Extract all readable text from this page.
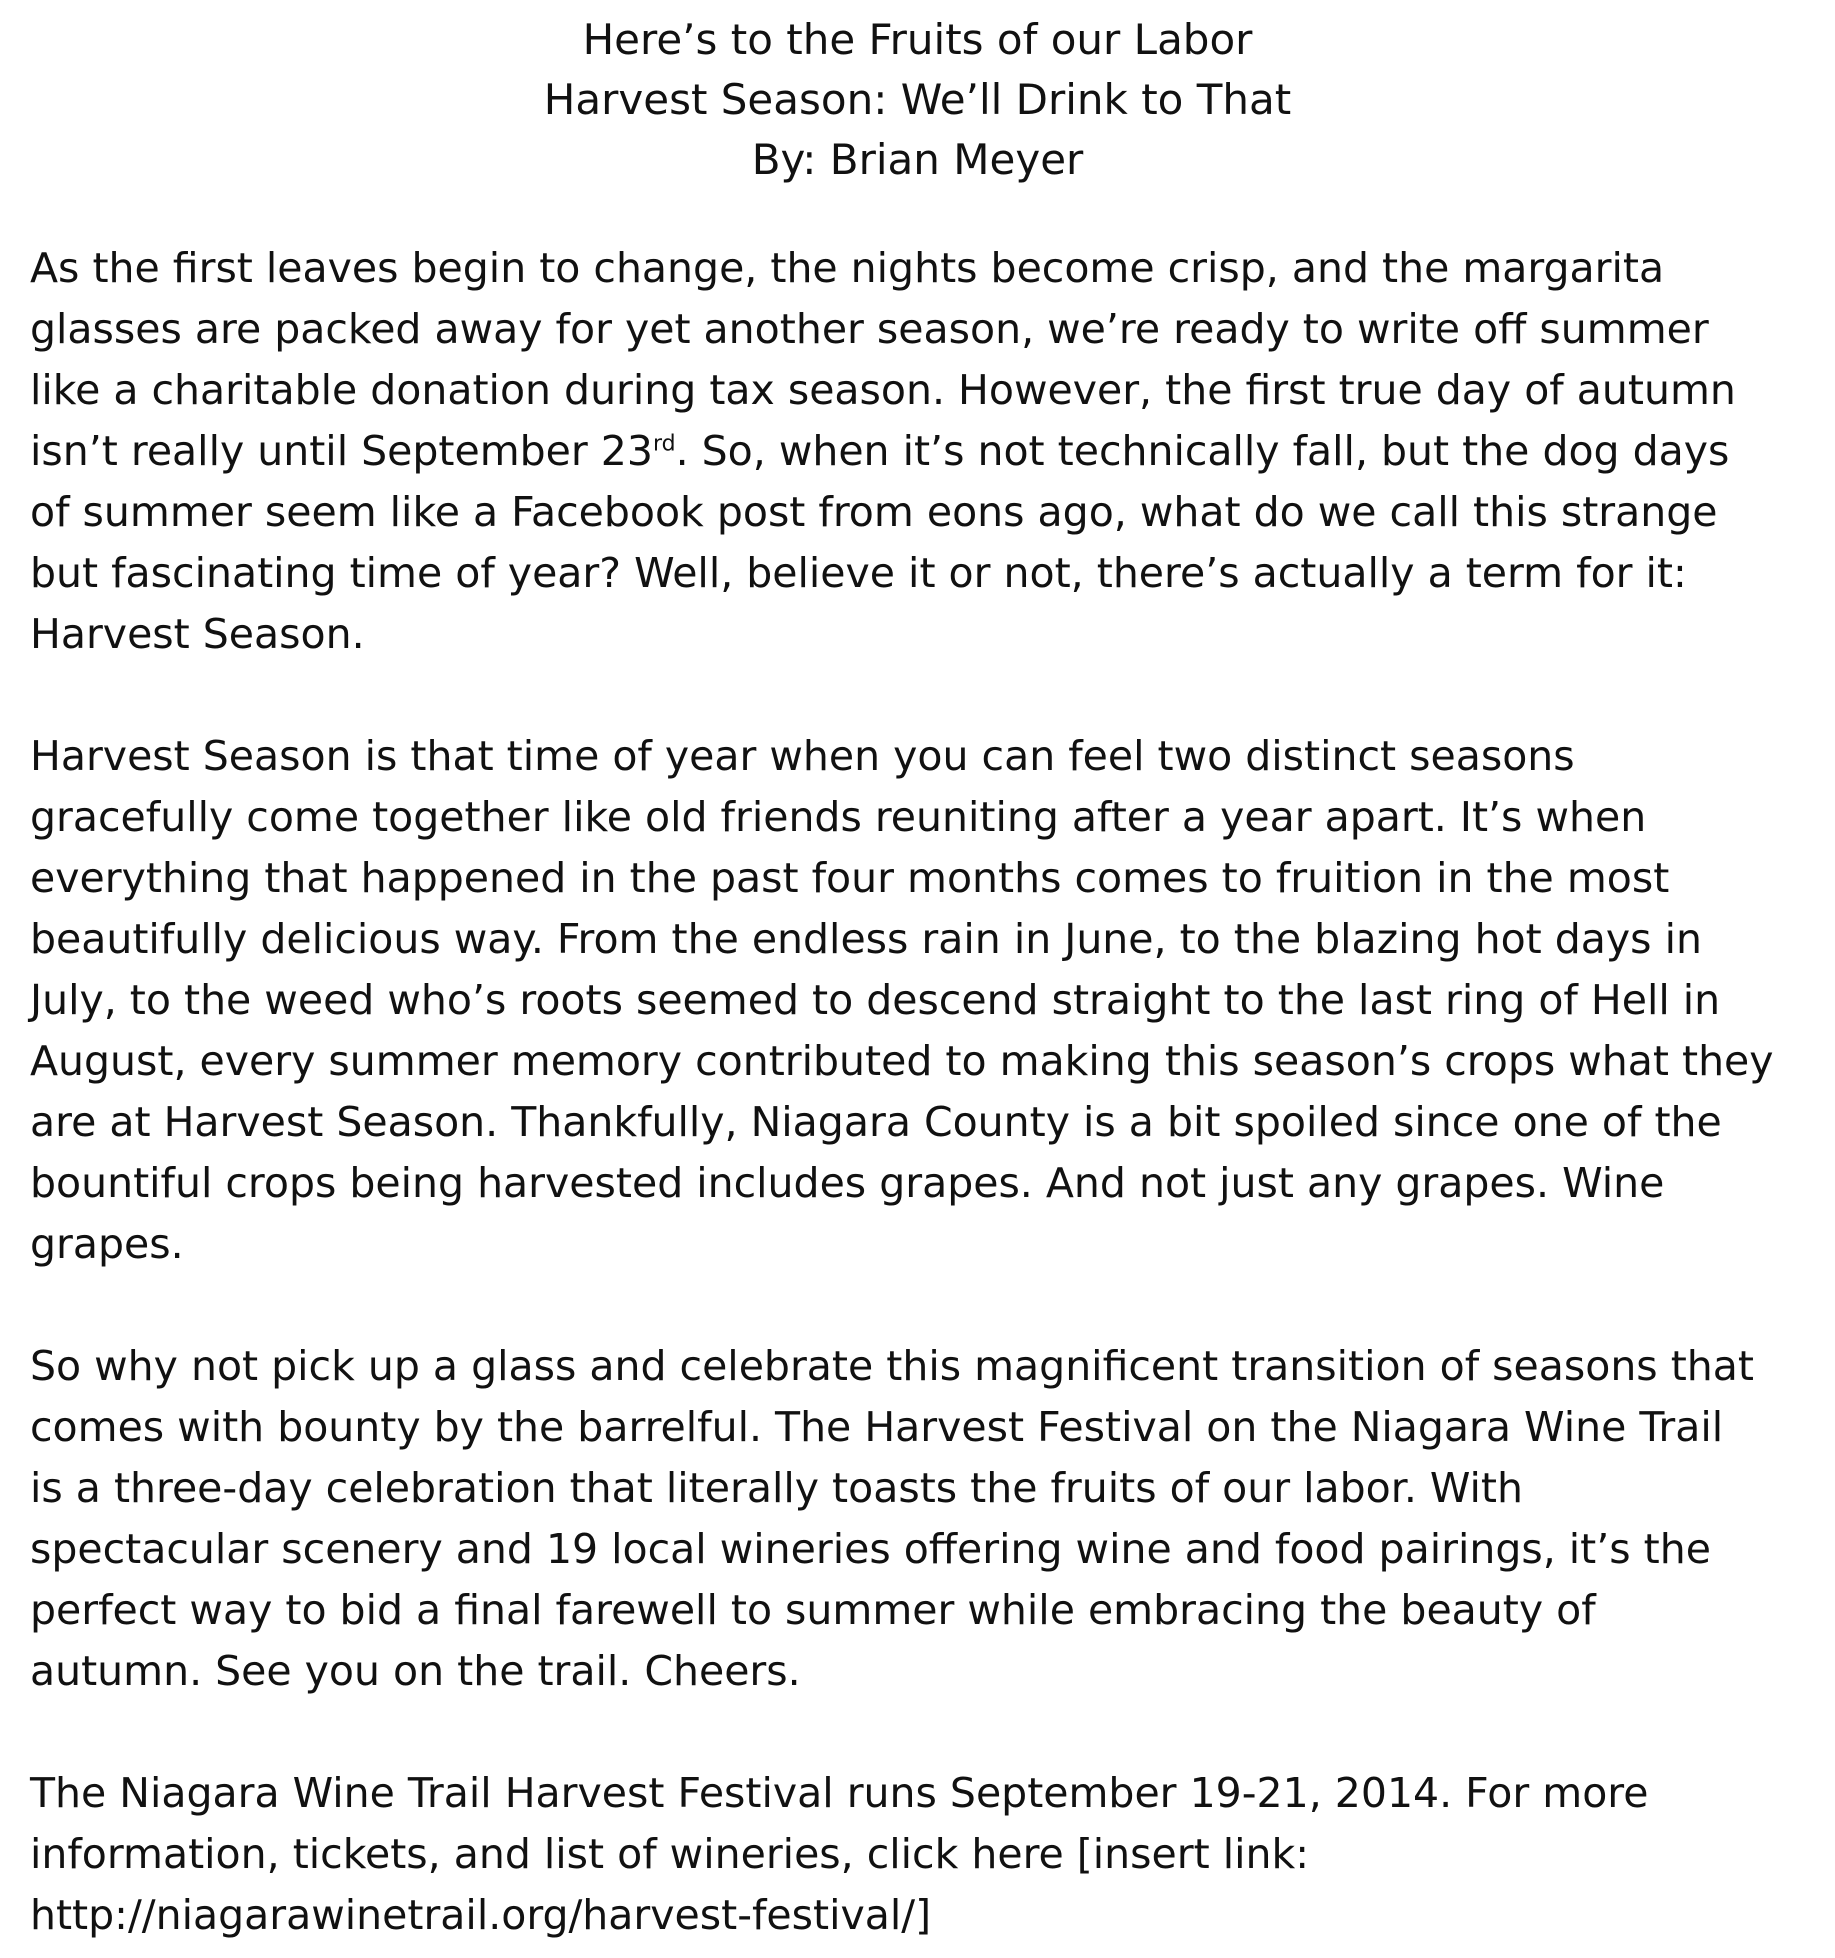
Here’s to the Fruits of our Labor
Harvest Season: We’ll Drink to That
By: Brian Meyer
As the first leaves begin to change, the nights become crisp, and the margarita
glasses are packed away for yet another season, we’re ready to write off summer
like a charitable donation during tax season. However, the first true day of autumn
isn’t really until September 23rd. So, when it’s not technically fall, but the dog days
of summer seem like a Facebook post from eons ago, what do we call this strange
but fascinating time of year? Well, believe it or not, there’s actually a term for it:
Harvest Season.
Harvest Season is that time of year when you can feel two distinct seasons
gracefully come together like old friends reuniting after a year apart. It’s when
everything that happened in the past four months comes to fruition in the most
beautifully delicious way. From the endless rain in June, to the blazing hot days in
July, to the weed who’s roots seemed to descend straight to the last ring of Hell in
August, every summer memory contributed to making this season’s crops what they
are at Harvest Season. Thankfully, Niagara County is a bit spoiled since one of the
bountiful crops being harvested includes grapes. And not just any grapes. Wine
grapes.
So why not pick up a glass and celebrate this magnificent transition of seasons that
comes with bounty by the barrelful. The Harvest Festival on the Niagara Wine Trail
is a three-day celebration that literally toasts the fruits of our labor. With
spectacular scenery and 19 local wineries offering wine and food pairings, it’s the
perfect way to bid a final farewell to summer while embracing the beauty of
autumn. See you on the trail. Cheers.
The Niagara Wine Trail Harvest Festival runs September 19-21, 2014. For more
information, tickets, and list of wineries, click here [insert link:
http://niagarawinetrail.org/harvest-festival/]
